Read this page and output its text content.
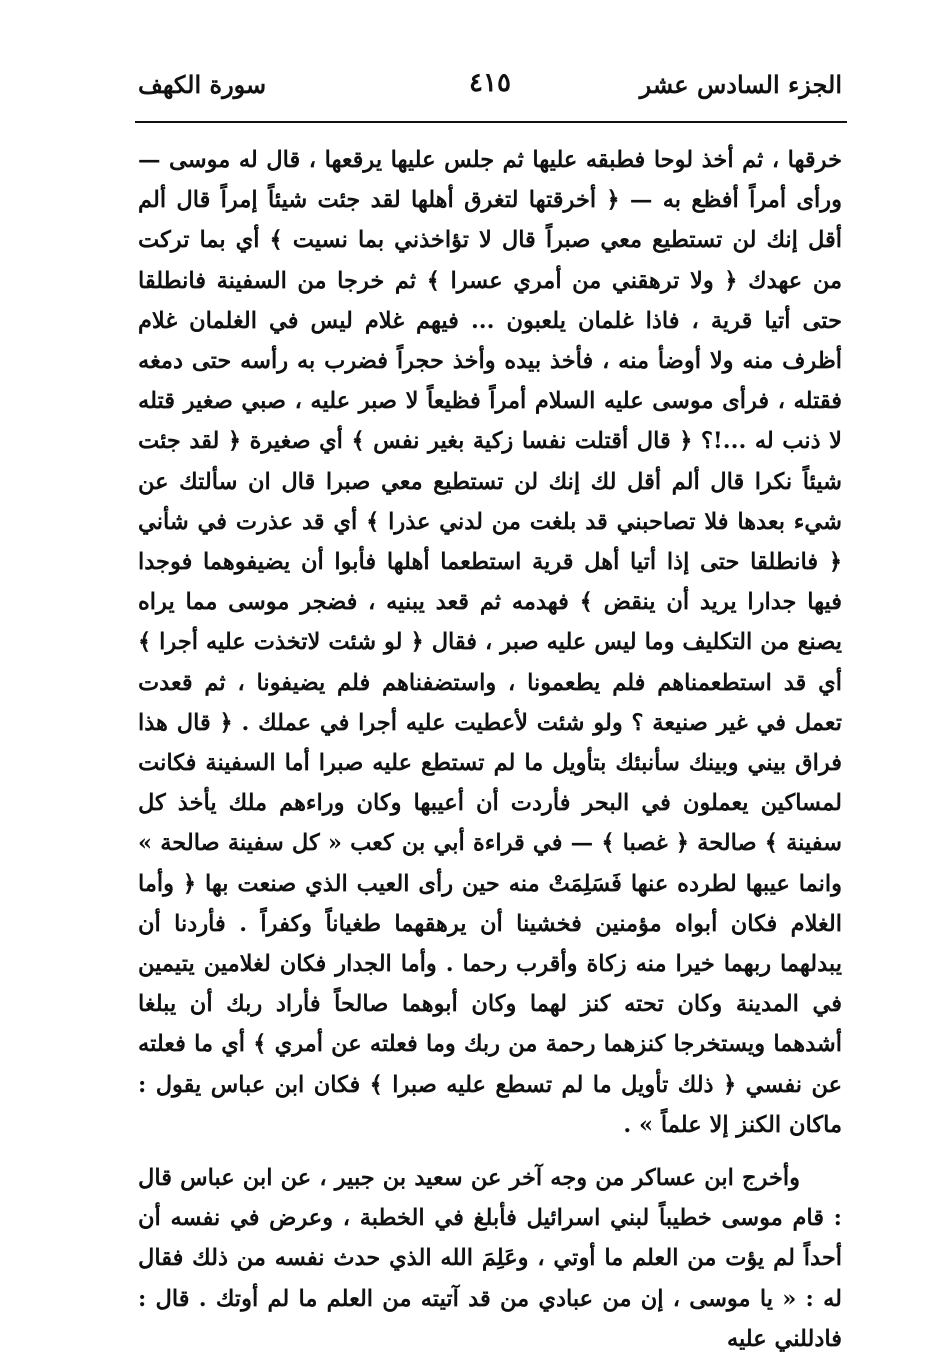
الجزء السادس عشر
٤١٥
سورة الكهف

خرقها ، ثم أخذ لوحا فطبقه عليها ثم جلس عليها يرقعها ، قال له موسى — ورأى أمراً أفظع به — ﴿ أخرقتها لتغرق أهلها لقد جئت شيئاً إمراً قال ألم أقل إنك لن تستطيع معي صبراً قال لا تؤاخذني بما نسيت ﴾ أي بما تركت من عهدك ﴿ ولا ترهقني من أمري عسرا ﴾ ثم خرجا من السفينة فانطلقا حتى أتيا قرية ، فاذا غلمان يلعبون ... فيهم غلام ليس في الغلمان غلام أظرف منه ولا أوضأ منه ، فأخذ بيده وأخذ حجراً فضرب به رأسه حتى دمغه فقتله ، فرأى موسى عليه السلام أمراً فظيعاً لا صبر عليه ، صبي صغير قتله لا ذنب له ...!؟ ﴿ قال أقتلت نفسا زكية بغير نفس ﴾ أي صغيرة ﴿ لقد جئت شيئاً نكرا قال ألم أقل لك إنك لن تستطيع معي صبرا قال ان سألتك عن شيء بعدها فلا تصاحبني قد بلغت من لدني عذرا ﴾ أي قد عذرت في شأني ﴿ فانطلقا حتى إذا أتيا أهل قرية استطعما أهلها فأبوا أن يضيفوهما فوجدا فيها جدارا يريد أن ينقض ﴾ فهدمه ثم قعد يبنيه ، فضجر موسى مما يراه يصنع من التكليف وما ليس عليه صبر ، فقال ﴿ لو شئت لاتخذت عليه أجرا ﴾ أي قد استطعمناهم فلم يطعمونا ، واستضفناهم فلم يضيفونا ، ثم قعدت تعمل في غير صنيعة ؟ ولو شئت لأعطيت عليه أجرا في عملك . ﴿ قال هذا فراق بيني وبينك سأنبئك بتأويل ما لم تستطع عليه صبرا أما السفينة فكانت لمساكين يعملون في البحر فأردت أن أعيبها وكان وراءهم ملك يأخذ كل سفينة ﴾ صالحة ﴿ غصبا ﴾ — في قراءة أبي بن كعب « كل سفينة صالحة » وانما عيبها لطرده عنها فَسَلِمَتْ منه حين رأى العيب الذي صنعت بها ﴿ وأما الغلام فكان أبواه مؤمنين فخشينا أن يرهقهما طغياناً وكفراً . فأردنا أن يبدلهما ربهما خيرا منه زكاة وأقرب رحما . وأما الجدار فكان لغلامين يتيمين في المدينة وكان تحته كنز لهما وكان أبوهما صالحاً فأراد ربك أن يبلغا أشدهما ويستخرجا كنزهما رحمة من ربك وما فعلته عن أمري ﴾ أي ما فعلته عن نفسي ﴿ ذلك تأويل ما لم تسطع عليه صبرا ﴾ فكان ابن عباس يقول : ماكان الكنز إلا علماً » .

وأخرج ابن عساكر من وجه آخر عن سعيد بن جبير ، عن ابن عباس قال : قام موسى خطيباً لبني اسرائيل فأبلغ في الخطبة ، وعرض في نفسه أن أحداً لم يؤت من العلم ما أوتي ، وعَلِمَ الله الذي حدث نفسه من ذلك فقال له : « يا موسى ، إن من عبادي من قد آتيته من العلم ما لم أوتك . قال : فادللني عليه
